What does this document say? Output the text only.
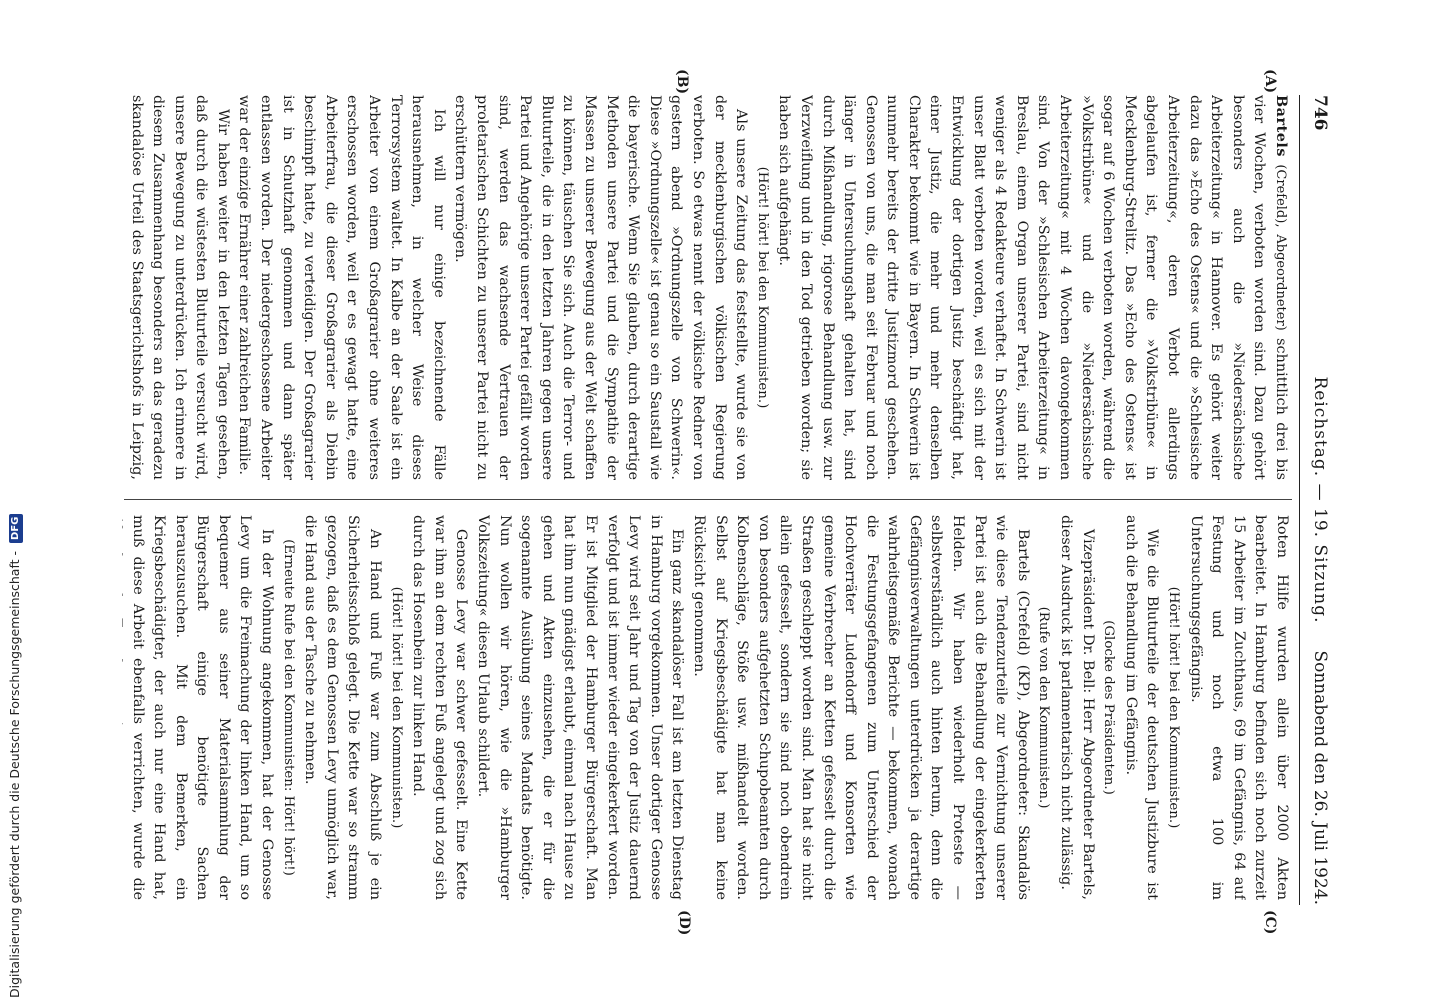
746
Reichstag. — 19. Sitzung.
Sonnabend den 26. Juli 1924.
(A)
(B)
(C)
(D)

Bartels (Crefeld), Abgeordneter) schnittlich drei bis vier Wochen, verboten worden sind. Dazu gehört besonders auch die »Niedersächsische Arbeiterzeitung« in Hannover. Es gehört weiter dazu das »Echo des Ostens« und die »Schlesische Arbeiterzeitung«, deren Verbot allerdings abgelaufen ist, ferner die »Volkstribüne« in Mecklenburg-Strelitz. Das »Echo des Ostens« ist sogar auf 6 Wochen verboten worden, während die »Volkstribüne« und die »Niedersächsische Arbeiterzeitung« mit 4 Wochen davongekommen sind. Von der »Schlesischen Arbeiterzeitung« in Breslau, einem Organ unserer Partei, sind nicht weniger als 4 Redakteure verhaftet. In Schwerin ist unser Blatt verboten worden, weil es sich mit der Entwicklung der dortigen Justiz beschäftigt hat, einer Justiz, die mehr und mehr denselben Charakter bekommt wie in Bayern. In Schwerin ist nunmehr bereits der dritte Justizmord geschehen. Genossen von uns, die man seit Februar und noch länger in Untersuchungshaft gehalten hat, sind durch Mißhandlung, rigorose Behandlung usw. zur Verzweiflung und in den Tod getrieben worden; sie haben sich aufgehängt.

(Hört! hört! bei den Kommunisten.)

Als unsere Zeitung das feststellte, wurde sie von der mecklenburgischen völkischen Regierung verboten. So etwas nennt der völkische Redner von gestern abend »Ordnungszelle von Schwerin«. Diese »Ordnungszelle« ist genau so ein Saustall wie die bayerische. Wenn Sie glauben, durch derartige Methoden unsere Partei und die Sympathie der Massen zu unserer Bewegung aus der Welt schaffen zu können, täuschen Sie sich. Auch die Terror- und Bluturteile, die in den letzten Jahren gegen unsere Partei und Angehörige unserer Partei gefällt worden sind, werden das wachsende Vertrauen der proletarischen Schichten zu unserer Partei nicht zu erschüttern vermögen.

Ich will nur einige bezeichnende Fälle herausnehmen, in welcher Weise dieses Terrorsystem waltet. In Kalbe an der Saale ist ein Arbeiter von einem Großagrarier ohne weiteres erschossen worden, weil er es gewagt hatte, eine Arbeiterfrau, die dieser Großagrarier als Diebin beschimpft hatte, zu verteidigen. Der Großagrarier ist in Schutzhaft genommen und dann später entlassen worden. Der niedergeschossene Arbeiter war der einzige Ernährer einer zahlreichen Familie.

Wir haben weiter in den letzten Tagen gesehen, daß durch die wüstesten Bluturteile versucht wird, unsere Bewegung zu unterdrücken. Ich erinnere in diesem Zusammenhang besonders an das geradezu skandalöse Urteil des Staatsgerichtshofs in Leipzig,

Roten Hilfe wurden allein über 2000 Akten bearbeitet. In Hamburg befinden sich noch zurzeit 15 Arbeiter im Zuchthaus, 69 im Gefängnis, 64 auf Festung und noch etwa 100 im Untersuchungsgefängnis.

(Hört! hört! bei den Kommunisten.)

Wie die Bluturteile der deutschen Justizbure ist auch die Behandlung im Gefängnis.

(Glocke des Präsidenten.)

Vizepräsident Dr. Bell: Herr Abgeordneter Bartels, dieser Ausdruck ist parlamentarisch nicht zulässig.

(Rufe von den Kommunisten.)

Bartels (Crefeld) (KP), Abgeordneter: Skandalös wie diese Tendenzurteile zur Vernichtung unserer Partei ist auch die Behandlung der eingekerkerten Helden. Wir haben wiederholt Proteste — selbstverständlich auch hinten herum, denn die Gefängnisverwaltungen unterdrücken ja derartige wahrheitsgemäße Berichte — bekommen, wonach die Festungsgefangenen zum Unterschied der Hochverräter Ludendorff und Konsorten wie gemeine Verbrecher an Ketten gefesselt durch die Straßen geschleppt worden sind. Man hat sie nicht allein gefesselt, sondern sie sind noch obendrein von besonders aufgehetzten Schupobeamten durch Kolbenschläge, Stöße usw. mißhandelt worden. Selbst auf Kriegsbeschädigte hat man keine Rücksicht genommen.

Ein ganz skandalöser Fall ist am letzten Dienstag in Hamburg vorgekommen. Unser dortiger Genosse Levy wird seit Jahr und Tag von der Justiz dauernd verfolgt und ist immer wieder eingekerkert worden. Er ist Mitglied der Hamburger Bürgerschaft. Man hat ihm nun gnädigst erlaubt, einmal nach Hause zu gehen und Akten einzusehen, die er für die sogenannte Ausübung seines Mandats benötigte. Nun wollen wir hören, wie die »Hamburger Volkszeitung« diesen Urlaub schildert.

Genosse Levy war schwer gefesselt. Eine Kette war ihm an dem rechten Fuß angelegt und zog sich durch das Hosenbein zur linken Hand.

(Hört! hört! bei den Kommunisten.)

An Hand und Fuß war zum Abschluß je ein Sicherheitsschloß gelegt. Die Kette war so stramm gezogen, daß es dem Genossen Levy unmöglich war, die Hand aus der Tasche zu nehmen.

(Erneute Rufe bei den Kommunisten: Hört! hört!)

In der Wohnung angekommen, hat der Genosse Levy um die Freimachung der linken Hand, um so bequemer aus seiner Materialsammlung der Bürgerschaft einige benötigte Sachen herauszusuchen. Mit dem Bemerken, ein Kriegsbeschädigter, der auch nur eine Hand hat, muß diese Arbeit ebenfalls verrichten, wurde die

Digitalisierung gefördert durch die Deutsche Forschungsgemeinschaft - DFG
